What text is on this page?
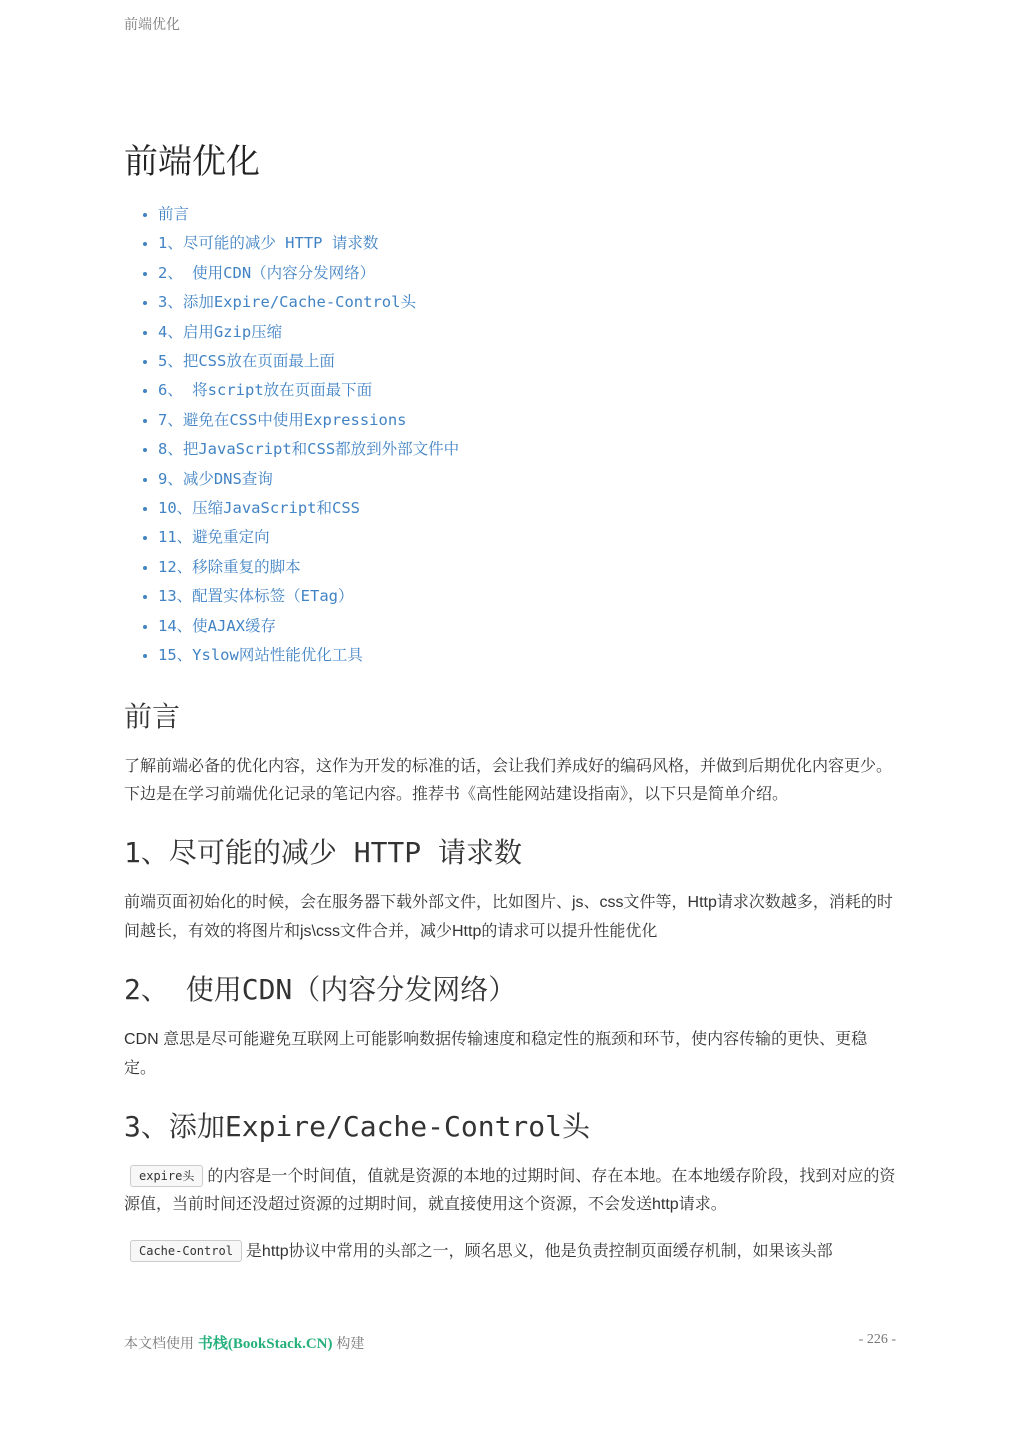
前端优化
前端优化
• 前言
• 1、尽可能的减少 HTTP 请求数
• 2、 使用CDN（内容分发网络）
• 3、添加Expire/Cache-Control头
• 4、启用Gzip压缩
• 5、把CSS放在页面最上面
• 6、 将script放在页面最下面
• 7、避免在CSS中使用Expressions
• 8、把JavaScript和CSS都放到外部文件中
• 9、减少DNS查询
• 10、压缩JavaScript和CSS
• 11、避免重定向
• 12、移除重复的脚本
• 13、配置实体标签（ETag）
• 14、使AJAX缓存
• 15、Yslow网站性能优化工具
前言

了解前端必备的优化内容，这作为开发的标准的话，会让我们养成好的编码风格，并做到后期优化内容更少。下边是在学习前端优化记录的笔记内容。推荐书《高性能网站建设指南》，以下只是简单介绍。

1、尽可能的减少 HTTP 请求数

前端页面初始化的时候，会在服务器下载外部文件，比如图片、js、css文件等，Http请求次数越多，消耗的时间越长，有效的将图片和js\css文件合并，减少Http的请求可以提升性能优化

2、 使用CDN（内容分发网络）

CDN 意思是尽可能避免互联网上可能影响数据传输速度和稳定性的瓶颈和环节，使内容传输的更快、更稳定。

3、添加Expire/Cache-Control头

expire头 的内容是一个时间值，值就是资源的本地的过期时间、存在本地。在本地缓存阶段，找到对应的资源值，当前时间还没超过资源的过期时间，就直接使用这个资源，不会发送http请求。

Cache-Control 是http协议中常用的头部之一，顾名思义，他是负责控制页面缓存机制，如果该头部

本文档使用 书栈(BookStack.CN) 构建	- 226 -
